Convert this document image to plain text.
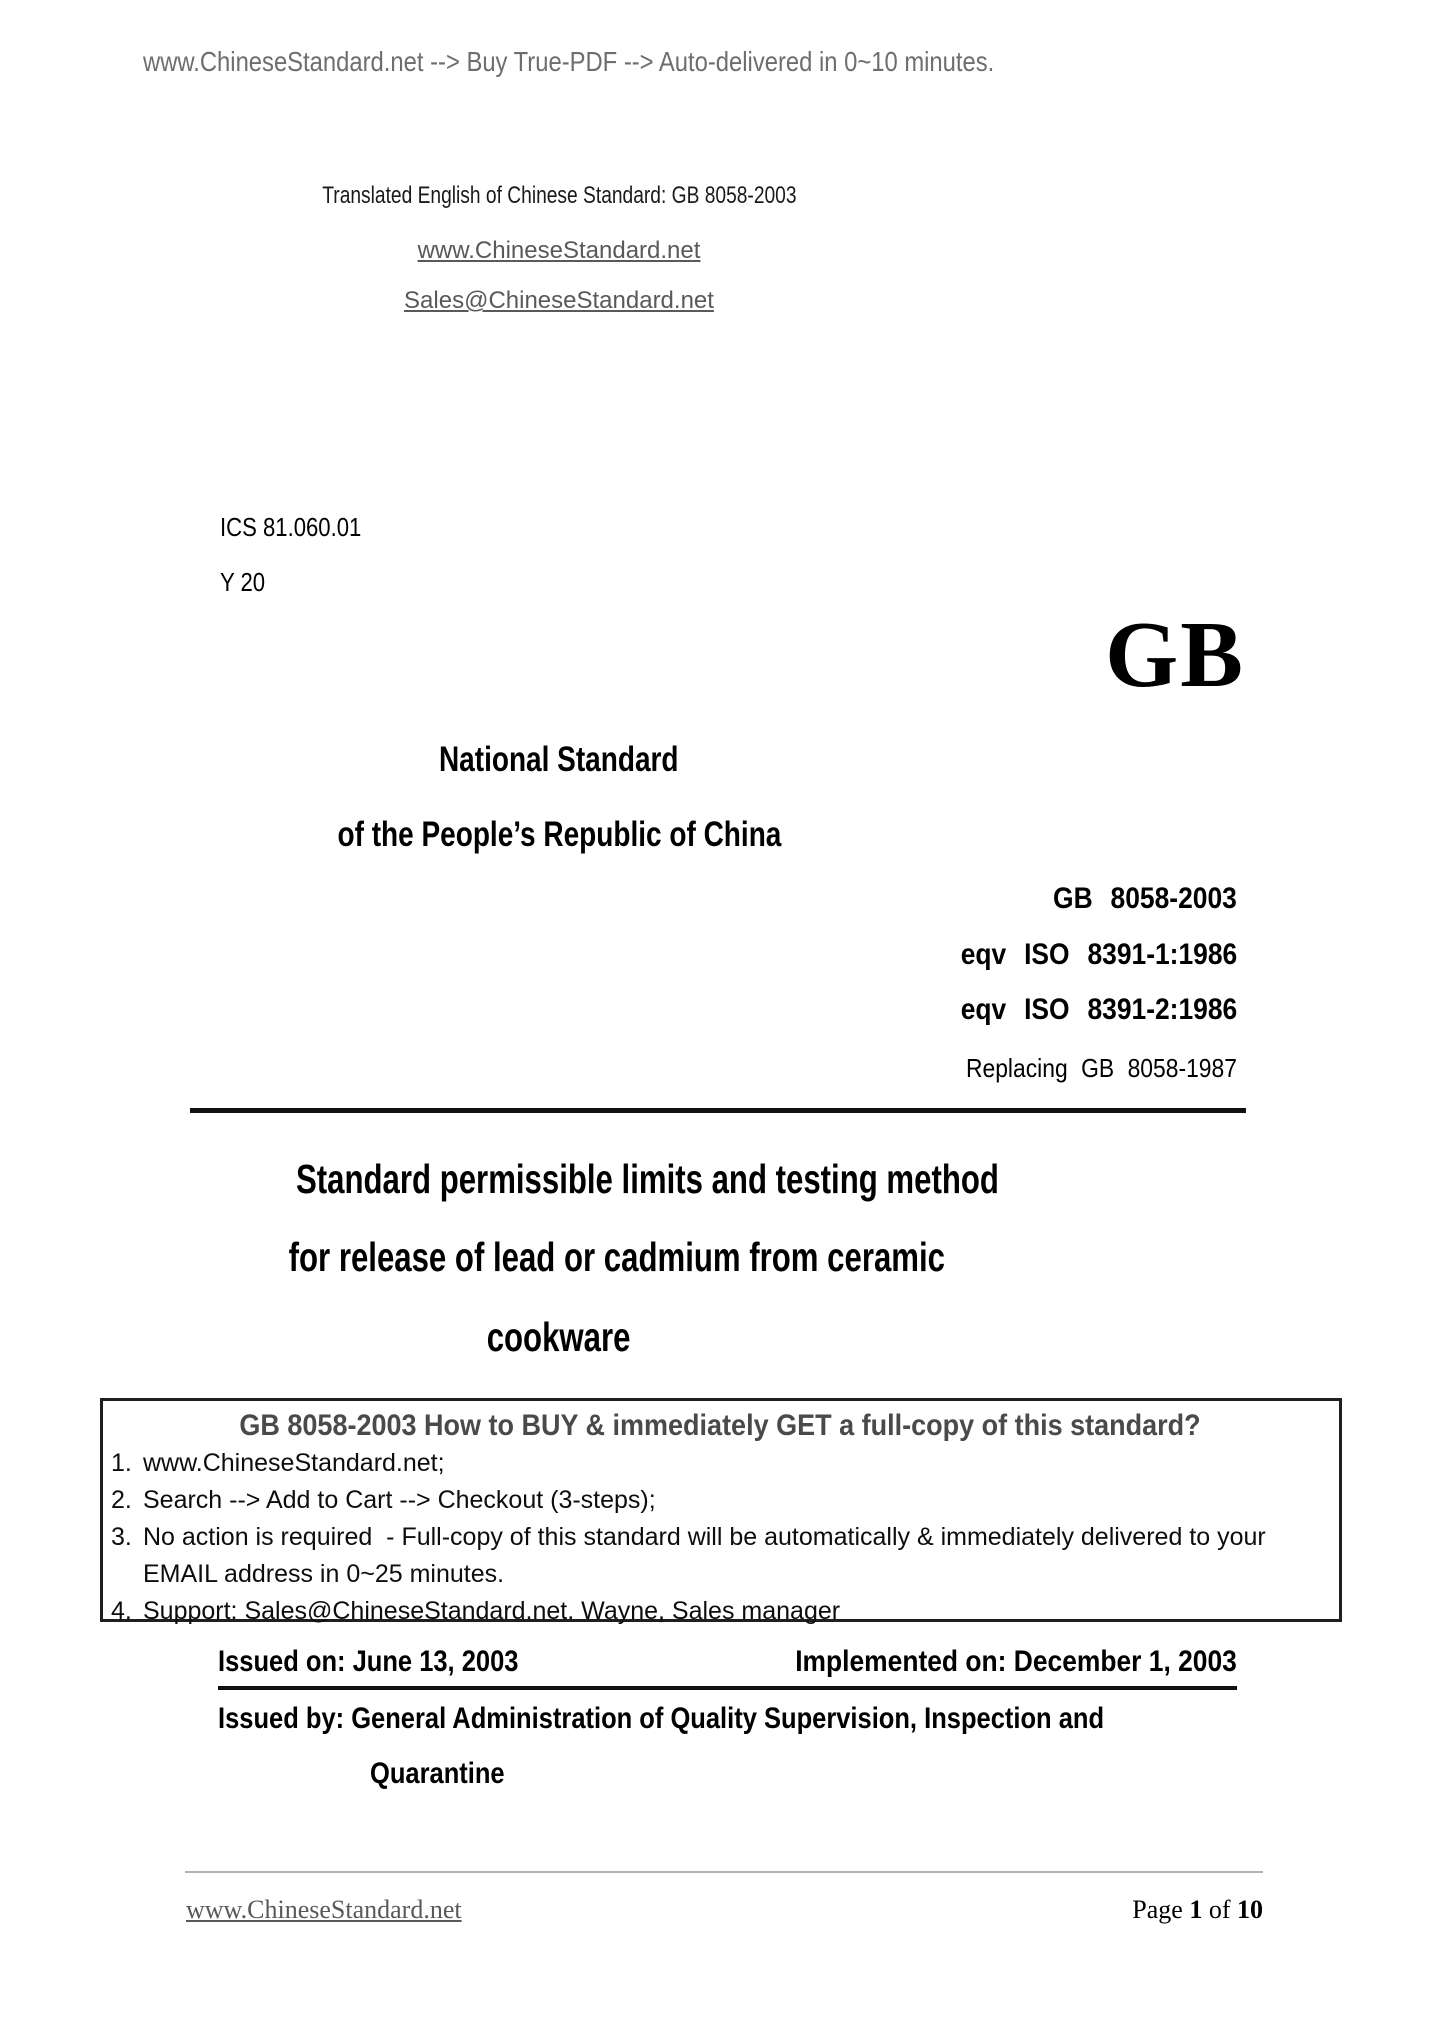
www.ChineseStandard.net --> Buy True-PDF --> Auto-delivered in 0~10 minutes.
Translated English of Chinese Standard: GB 8058-2003
www.ChineseStandard.net
Sales@ChineseStandard.net
ICS 81.060.01
Y 20
GB
National Standard
of the People’s Republic of China
GB 8058-2003
eqv ISO 8391-1:1986
eqv ISO 8391-2:1986
Replacing GB 8058-1987
Standard permissible limits and testing method
for release of lead or cadmium from ceramic
cookware
GB 8058-2003 How to BUY & immediately GET a full-copy of this standard?
1. www.ChineseStandard.net;
2. Search --> Add to Cart --> Checkout (3-steps);
3. No action is required  - Full-copy of this standard will be automatically & immediately delivered to your EMAIL address in 0~25 minutes.
4. Support: Sales@ChineseStandard.net. Wayne, Sales manager
Issued on: June 13, 2003	Implemented on: December 1, 2003
Issued by: General Administration of Quality Supervision, Inspection and
Quarantine
www.ChineseStandard.net	Page 1 of 10
